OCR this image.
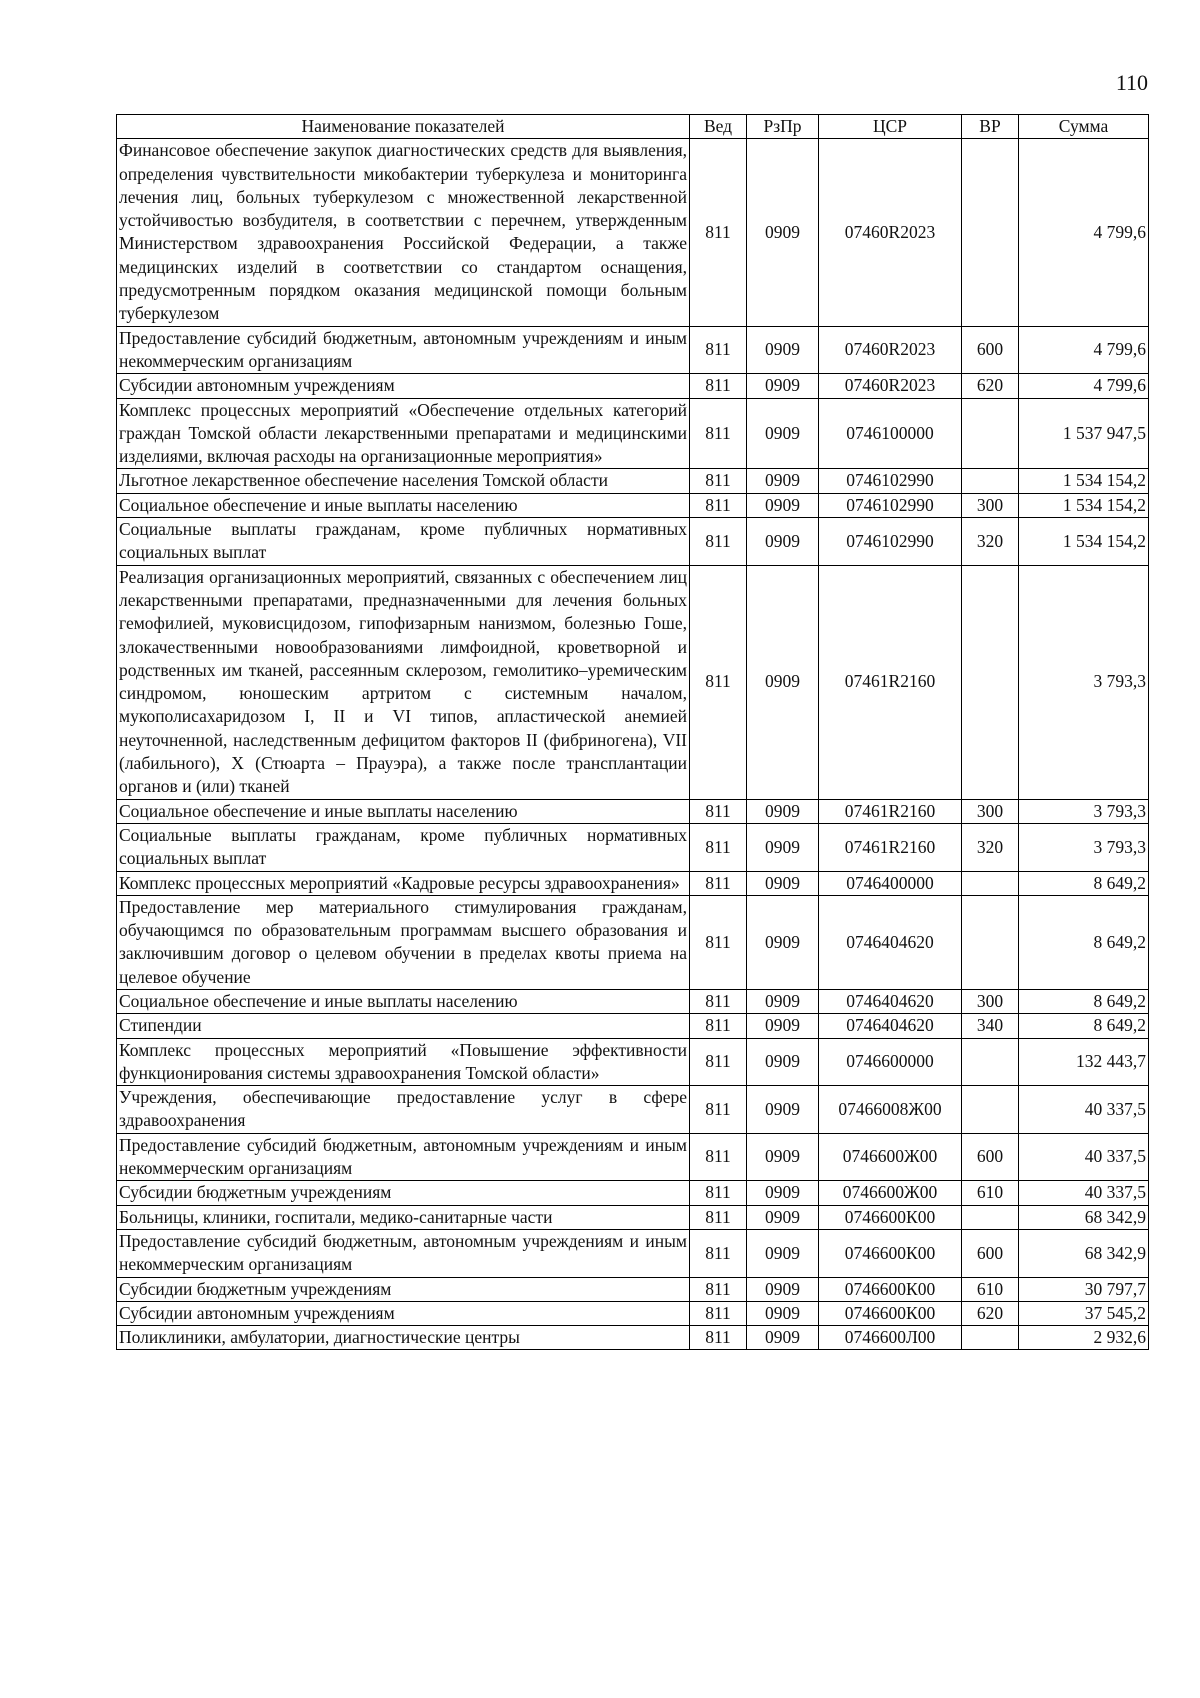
110
Наименование показателей	Вед	РзПр	ЦСР	ВР	Сумма
Финансовое обеспечение закупок диагностических средств для выявления, определения чувствительности микобактерии туберкулеза и мониторинга лечения лиц, больных туберкулезом с множественной лекарственной устойчивостью возбудителя, в соответствии с перечнем, утвержденным Министерством здравоохранения Российской Федерации, а также медицинских изделий в соответствии со стандартом оснащения, предусмотренным порядком оказания медицинской помощи больным туберкулезом	811	0909	07460R2023		4 799,6
Предоставление субсидий бюджетным, автономным учреждениям и иным некоммерческим организациям	811	0909	07460R2023	600	4 799,6
Субсидии автономным учреждениям	811	0909	07460R2023	620	4 799,6
Комплекс процессных мероприятий «Обеспечение отдельных категорий граждан Томской области лекарственными препаратами и медицинскими изделиями, включая расходы на организационные мероприятия»	811	0909	0746100000		1 537 947,5
Льготное лекарственное обеспечение населения Томской области	811	0909	0746102990		1 534 154,2
Социальное обеспечение и иные выплаты населению	811	0909	0746102990	300	1 534 154,2
Социальные выплаты гражданам, кроме публичных нормативных социальных выплат	811	0909	0746102990	320	1 534 154,2
Реализация организационных мероприятий, связанных с обеспечением лиц лекарственными препаратами, предназначенными для лечения больных гемофилией, муковисцидозом, гипофизарным нанизмом, болезнью Гоше, злокачественными новообразованиями лимфоидной, кроветворной и родственных им тканей, рассеянным склерозом, гемолитико–уремическим синдромом, юношеским артритом с системным началом, мукополисахаридозом I, II и VI типов, апластической анемией неуточненной, наследственным дефицитом факторов II (фибриногена), VII (лабильного), X (Стюарта – Прауэра), а также после трансплантации органов и (или) тканей	811	0909	07461R2160		3 793,3
Социальное обеспечение и иные выплаты населению	811	0909	07461R2160	300	3 793,3
Социальные выплаты гражданам, кроме публичных нормативных социальных выплат	811	0909	07461R2160	320	3 793,3
Комплекс процессных мероприятий «Кадровые ресурсы здравоохранения»	811	0909	0746400000		8 649,2
Предоставление мер материального стимулирования гражданам, обучающимся по образовательным программам высшего образования и заключившим договор о целевом обучении в пределах квоты приема на целевое обучение	811	0909	0746404620		8 649,2
Социальное обеспечение и иные выплаты населению	811	0909	0746404620	300	8 649,2
Стипендии	811	0909	0746404620	340	8 649,2
Комплекс процессных мероприятий «Повышение эффективности функционирования системы здравоохранения Томской области»	811	0909	0746600000		132 443,7
Учреждения, обеспечивающие предоставление услуг в сфере здравоохранения	811	0909	07466008Ж00		40 337,5
Предоставление субсидий бюджетным, автономным учреждениям и иным некоммерческим организациям	811	0909	0746600Ж00	600	40 337,5
Субсидии бюджетным учреждениям	811	0909	0746600Ж00	610	40 337,5
Больницы, клиники, госпитали, медико-санитарные части	811	0909	0746600К00		68 342,9
Предоставление субсидий бюджетным, автономным учреждениям и иным некоммерческим организациям	811	0909	0746600К00	600	68 342,9
Субсидии бюджетным учреждениям	811	0909	0746600К00	610	30 797,7
Субсидии автономным учреждениям	811	0909	0746600К00	620	37 545,2
Поликлиники, амбулатории, диагностические центры	811	0909	0746600Л00		2 932,6
